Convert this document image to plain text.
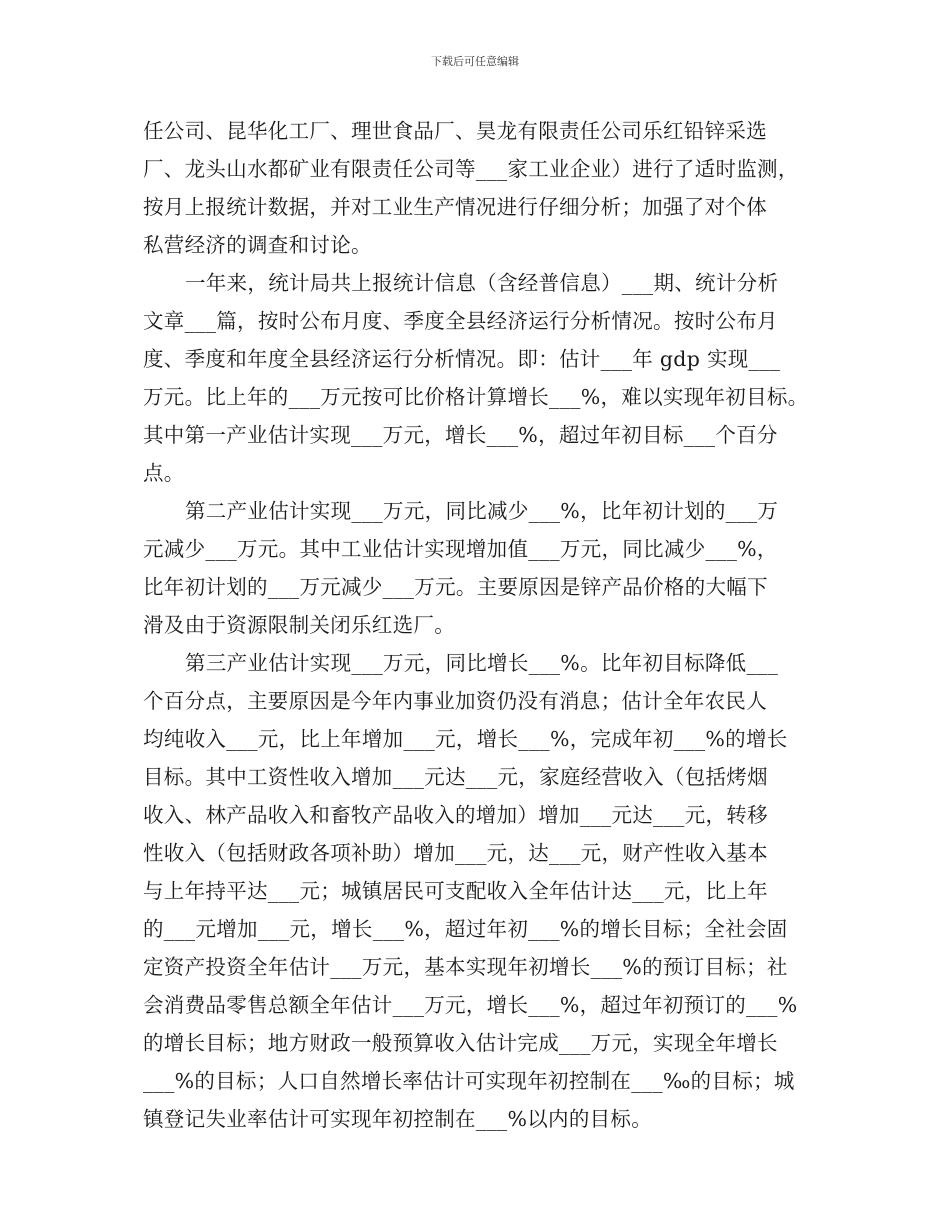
下载后可任意编辑
任公司、昆华化工厂、理世食品厂、昊龙有限责任公司乐红铅锌采选
厂、龙头山水都矿业有限责任公司等___家工业企业）进行了适时监测，
按月上报统计数据，并对工业生产情况进行仔细分析；加强了对个体
私营经济的调查和讨论。
一年来，统计局共上报统计信息（含经普信息）___期、统计分析
文章___篇，按时公布月度、季度全县经济运行分析情况。按时公布月
度、季度和年度全县经济运行分析情况。即：估计___年 gdp 实现___
万元。比上年的___万元按可比价格计算增长___%，难以实现年初目标。
其中第一产业估计实现___万元，增长___%，超过年初目标___个百分
点。
第二产业估计实现___万元，同比减少___%，比年初计划的___万
元减少___万元。其中工业估计实现增加值___万元，同比减少___%，
比年初计划的___万元减少___万元。主要原因是锌产品价格的大幅下
滑及由于资源限制关闭乐红选厂。
第三产业估计实现___万元，同比增长___%。比年初目标降低___
个百分点，主要原因是今年内事业加资仍没有消息；估计全年农民人
均纯收入___元，比上年增加___元，增长___%，完成年初___%的增长
目标。其中工资性收入增加___元达___元，家庭经营收入（包括烤烟
收入、林产品收入和畜牧产品收入的增加）增加___元达___元，转移
性收入（包括财政各项补助）增加___元，达___元，财产性收入基本
与上年持平达___元；城镇居民可支配收入全年估计达___元，比上年
的___元增加___元，增长___%，超过年初___%的增长目标；全社会固
定资产投资全年估计___万元，基本实现年初增长___%的预订目标；社
会消费品零售总额全年估计___万元，增长___%，超过年初预订的___%
的增长目标；地方财政一般预算收入估计完成___万元，实现全年增长
___%的目标；人口自然增长率估计可实现年初控制在___‰的目标；城
镇登记失业率估计可实现年初控制在___%以内的目标。
